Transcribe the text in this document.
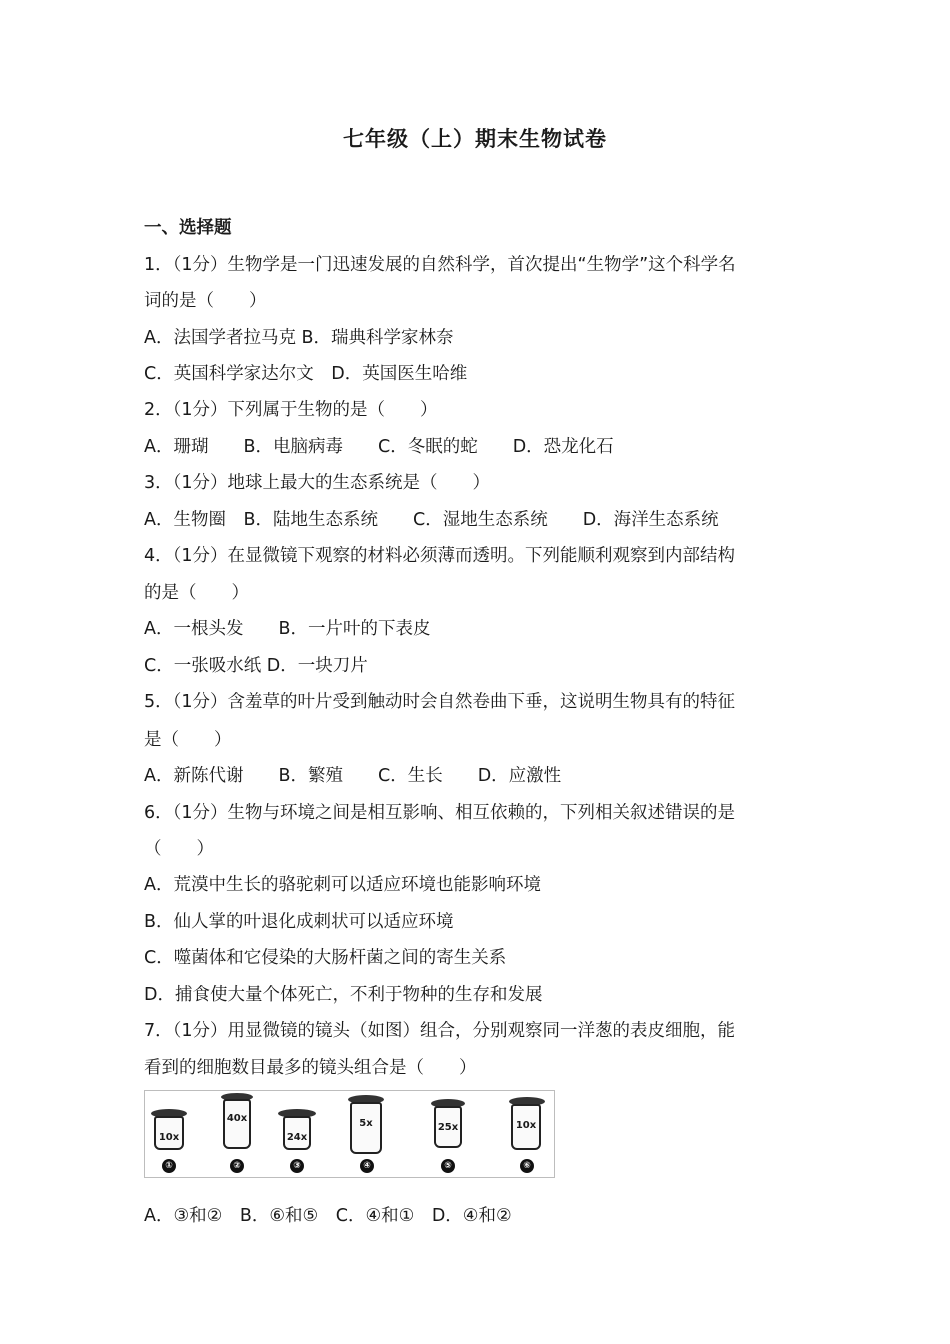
七年级（上）期末生物试卷
一、选择题
1．（1分）生物学是一门迅速发展的自然科学，首次提出“生物学”这个科学名
词的是（　　）
A．法国学者拉马克 B．瑞典科学家林奈
C．英国科学家达尔文　D．英国医生哈维
2．（1分）下列属于生物的是（　　）
A．珊瑚　　B．电脑病毒　　C．冬眠的蛇　　D．恐龙化石
3．（1分）地球上最大的生态系统是（　　）
A．生物圈　B．陆地生态系统　　C．湿地生态系统　　D．海洋生态系统
4．（1分）在显微镜下观察的材料必须薄而透明。下列能顺利观察到内部结构
的是（　　）
A．一根头发　　B．一片叶的下表皮
C．一张吸水纸 D．一块刀片
5．（1分）含羞草的叶片受到触动时会自然卷曲下垂，这说明生物具有的特征
是（　　）
A．新陈代谢　　B．繁殖　　C．生长　　D．应激性
6．（1分）生物与环境之间是相互影响、相互依赖的，下列相关叙述错误的是
（　　）
A．荒漠中生长的骆驼刺可以适应环境也能影响环境
B．仙人掌的叶退化成刺状可以适应环境
C．噬菌体和它侵染的大肠杆菌之间的寄生关系
D．捕食使大量个体死亡，不利于物种的生存和发展
7．（1分）用显微镜的镜头（如图）组合，分别观察同一洋葱的表皮细胞，能
看到的细胞数目最多的镜头组合是（　　）
10x
①
40x
②
24x
③
5x
④
25x
⑤
10x
⑥
A．③和②　B．⑥和⑤　C．④和①　D．④和②
